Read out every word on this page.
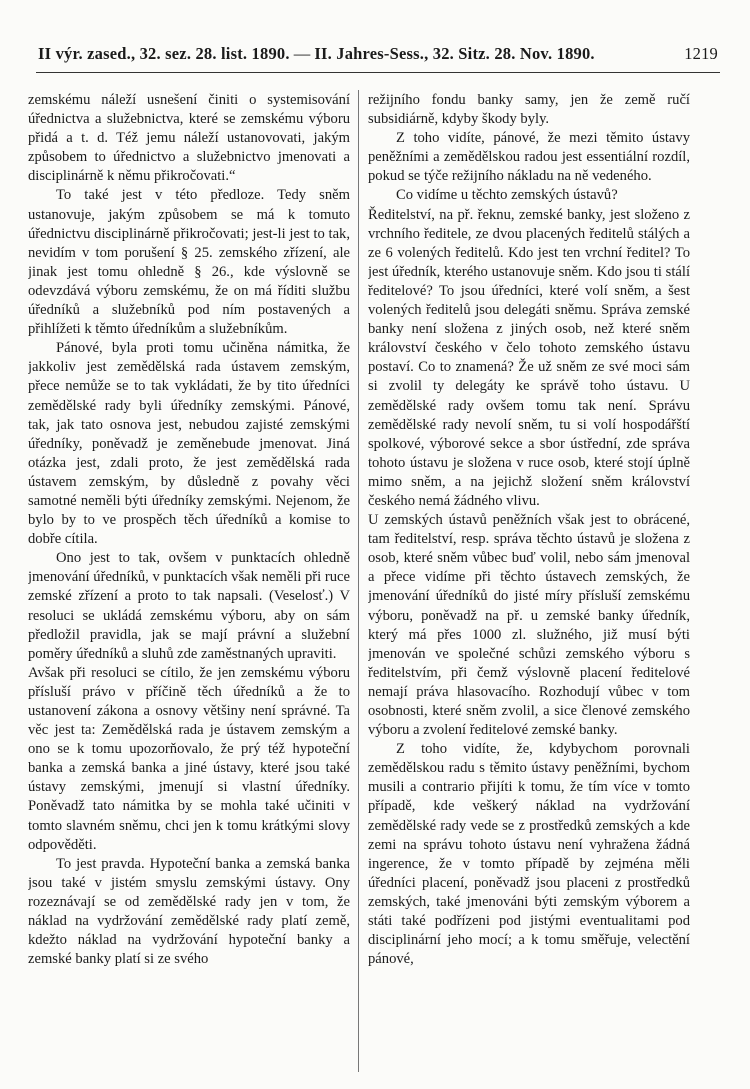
II výr. zased., 32. sez. 28. list. 1890. — II. Jahres-Sess., 32. Sitz. 28. Nov. 1890.	1219

zemskému náleží usnešení činiti o systemisování úřednictva a služebnictva, které se zemskému výboru přidá a t. d. Též jemu náleží ustanovovati, jakým způsobem to úřednictvo a služebnictvo jmenovati a disciplinárně k němu přikročovati.“

To také jest v této předloze. Tedy sněm ustanovuje, jakým způsobem se má k tomuto úřednictvu disciplinárně přikročovati; jest-li jest to tak, nevidím v tom porušení § 25. zemského zřízení, ale jinak jest tomu ohledně § 26., kde výslovně se odevzdává výboru zemskému, že on má říditi službu úředníků a služebníků pod ním postavených a přihlížeti k těmto úředníkům a služebníkům.

Pánové, byla proti tomu učiněna námitka, že jakkoliv jest zemědělská rada ústavem zemským, přece nemůže se to tak vykládati, že by tito úředníci zemědělské rady byli úředníky zemskými. Pánové, tak, jak tato osnova jest, nebudou zajisté zemskými úředníky, poněvadž je zeměnebude jmenovat. Jiná otázka jest, zdali proto, že jest zemědělská rada ústavem zemským, by důsledně z povahy věci samotné neměli býti úředníky zemskými. Nejenom, že bylo by to ve prospěch těch úředníků a komise to dobře cítila.

Ono jest to tak, ovšem v punktacích ohledně jmenování úředníků, v punktacích však neměli při ruce zemské zřízení a proto to tak napsali. (Veselosť.) V resoluci se ukládá zemskému výboru, aby on sám předložil pravidla, jak se mají právní a služební poměry úředníků a sluhů zde zaměstnaných upraviti.

Avšak při resoluci se cítilo, že jen zemskému výboru přísluší právo v příčině těch úředníků a že to ustanovení zákona a osnovy většiny není správné. Ta věc jest ta: Zemědělská rada je ústavem zemským a ono se k tomu upozorňovalo, že prý též hypoteční banka a zemská banka a jiné ústavy, které jsou také ústavy zemskými, jmenují si vlastní úředníky. Poněvadž tato námitka by se mohla také učiniti v tomto slavném sněmu, chci jen k tomu krátkými slovy odpověděti.

To jest pravda. Hypoteční banka a zemská banka jsou také v jistém smyslu zemskými ústavy. Ony rozeznávají se od zemědělské rady jen v tom, že náklad na vydržování zemědělské rady platí země, kdežto náklad na vydržování hypoteční banky a zemské banky platí si ze svého

režijního fondu banky samy, jen že země ručí subsidiárně, kdyby škody byly.

Z toho vidíte, pánové, že mezi těmito ústavy peněžními a zemědělskou radou jest essentiální rozdíl, pokud se týče režijního nákladu na ně vedeného.

Co vidíme u těchto zemských ústavů?

Ředitelství, na př. řeknu, zemské banky, jest složeno z vrchního ředitele, ze dvou placených ředitelů stálých a ze 6 volených ředitelů. Kdo jest ten vrchní ředitel? To jest úředník, kterého ustanovuje sněm. Kdo jsou ti stálí ředitelové? To jsou úředníci, které volí sněm, a šest volených ředitelů jsou delegáti sněmu. Správa zemské banky není složena z jiných osob, než které sněm království českého v čelo tohoto zemského ústavu postaví. Co to znamená? Že už sněm ze své moci sám si zvolil ty delegáty ke správě toho ústavu. U zemědělské rady ovšem tomu tak není. Správu zemědělské rady nevolí sněm, tu si volí hospodářští spolkové, výborové sekce a sbor ústřední, zde správa tohoto ústavu je složena v ruce osob, které stojí úplně mimo sněm, a na jejichž složení sněm království českého nemá žádného vlivu.

U zemských ústavů peněžních však jest to obrácené, tam ředitelství, resp. správa těchto ústavů je složena z osob, které sněm vůbec buď volil, nebo sám jmenoval a přece vidíme při těchto ústavech zemských, že jmenování úředníků do jisté míry přísluší zemskému výboru, poněvadž na př. u zemské banky úředník, který má přes 1000 zl. služného, již musí býti jmenován ve společné schůzi zemského výboru s ředitelstvím, při čemž výslovně placení ředitelové nemají práva hlasovacího. Rozhodují vůbec v tom osobnosti, které sněm zvolil, a sice členové zemského výboru a zvolení ředitelové zemské banky.

Z toho vidíte, že, kdybychom porovnali zemědělskou radu s těmito ústavy peněžními, bychom musili a contrario přijíti k tomu, že tím více v tomto případě, kde veškerý náklad na vydržování zemědělské rady vede se z prostředků zemských a kde zemi na správu tohoto ústavu není vyhražena žádná ingerence, že v tomto případě by zejména měli úředníci placení, poněvadž jsou placeni z prostředků zemských, také jmenováni býti zemským výborem a státi také podřízeni pod jistými eventualitami pod disciplinární jeho mocí; a k tomu směřuje, velectění pánové,
